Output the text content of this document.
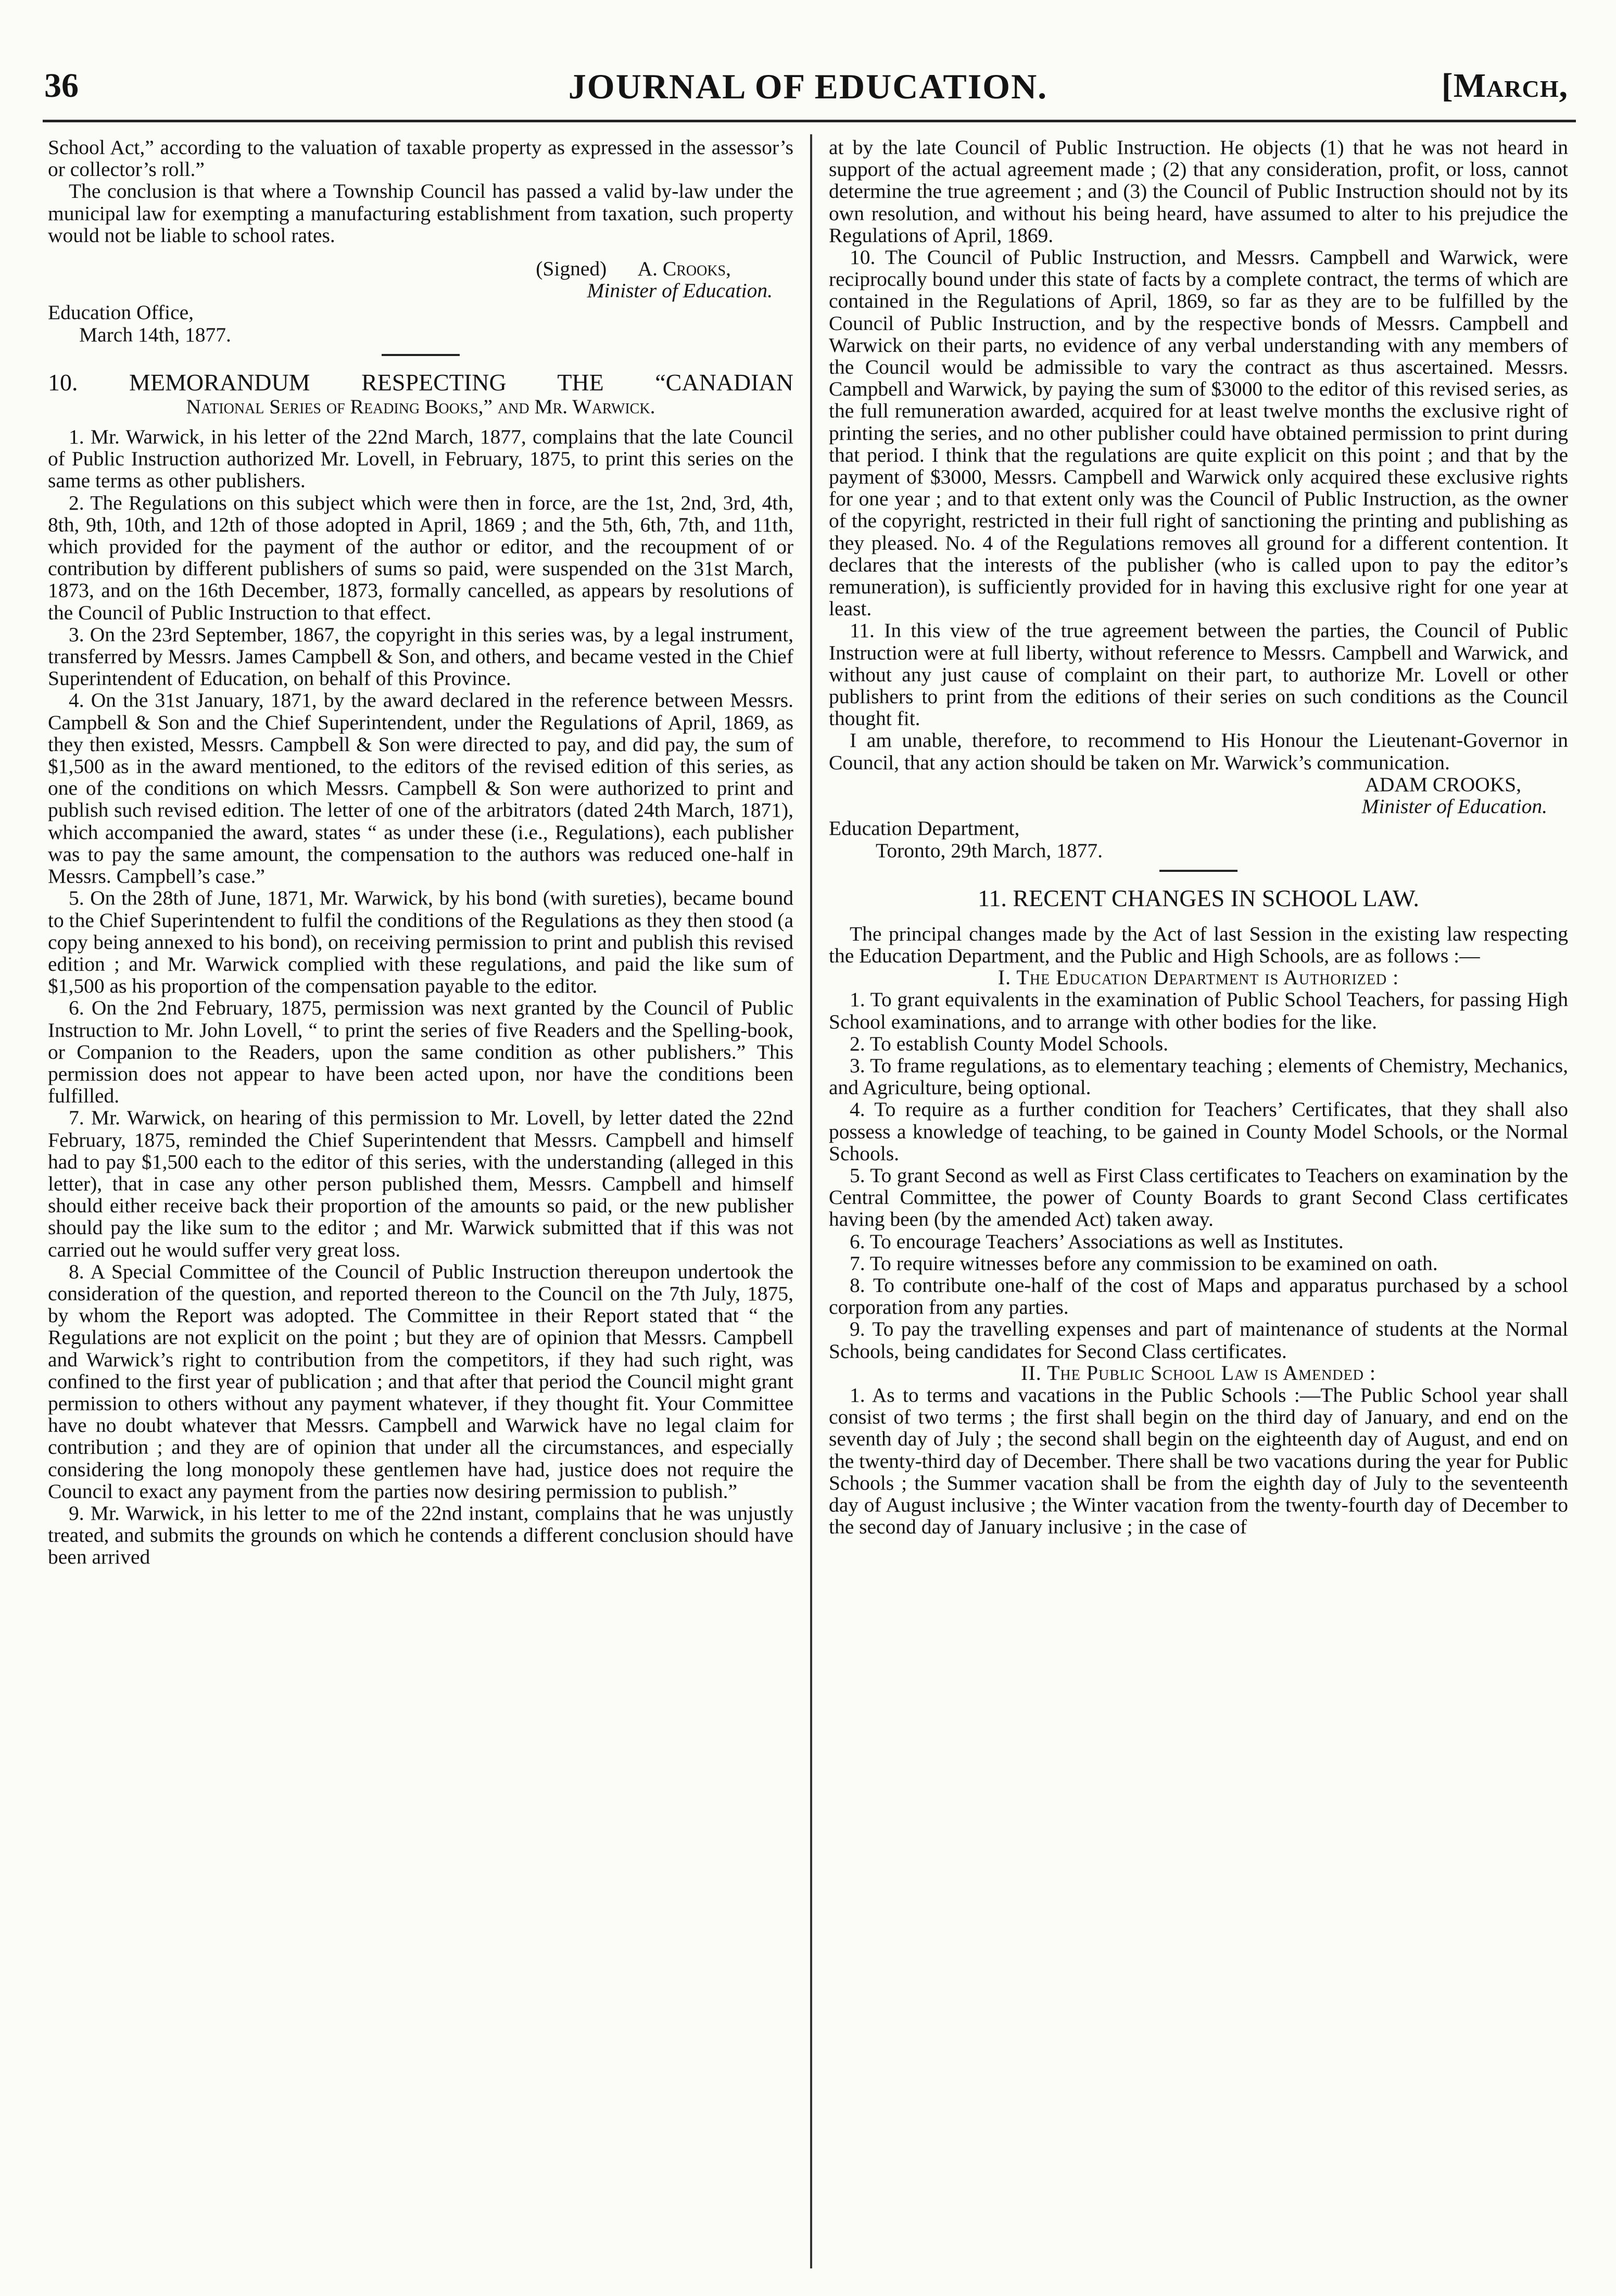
36	JOURNAL OF EDUCATION.	[March,

School Act,” according to the valuation of taxable property as expressed in the assessor’s or collector’s roll.”

The conclusion is that where a Township Council has passed a valid by-law under the municipal law for exempting a manufacturing establishment from taxation, such property would not be liable to school rates.

(Signed) A. Crooks,

Minister of Education.

Education Office,

March 14th, 1877.

10. MEMORANDUM RESPECTING THE “CANADIAN

National Series of Reading Books,” and Mr. Warwick.

1. Mr. Warwick, in his letter of the 22nd March, 1877, complains that the late Council of Public Instruction authorized Mr. Lovell, in February, 1875, to print this series on the same terms as other publishers.

2. The Regulations on this subject which were then in force, are the 1st, 2nd, 3rd, 4th, 8th, 9th, 10th, and 12th of those adopted in April, 1869 ; and the 5th, 6th, 7th, and 11th, which provided for the payment of the author or editor, and the recoupment of or contribution by different publishers of sums so paid, were suspended on the 31st March, 1873, and on the 16th December, 1873, formally cancelled, as appears by resolutions of the Council of Public Instruction to that effect.

3. On the 23rd September, 1867, the copyright in this series was, by a legal instrument, transferred by Messrs. James Campbell & Son, and others, and became vested in the Chief Superintendent of Education, on behalf of this Province.

4. On the 31st January, 1871, by the award declared in the reference between Messrs. Campbell & Son and the Chief Superintendent, under the Regulations of April, 1869, as they then existed, Messrs. Campbell & Son were directed to pay, and did pay, the sum of $1,500 as in the award mentioned, to the editors of the revised edition of this series, as one of the conditions on which Messrs. Campbell & Son were authorized to print and publish such revised edition. The letter of one of the arbitrators (dated 24th March, 1871), which accompanied the award, states “ as under these (i.e., Regulations), each publisher was to pay the same amount, the compensation to the authors was reduced one-half in Messrs. Campbell’s case.”

5. On the 28th of June, 1871, Mr. Warwick, by his bond (with sureties), became bound to the Chief Superintendent to fulfil the conditions of the Regulations as they then stood (a copy being annexed to his bond), on receiving permission to print and publish this revised edition ; and Mr. Warwick complied with these regulations, and paid the like sum of $1,500 as his proportion of the compensation payable to the editor.

6. On the 2nd February, 1875, permission was next granted by the Council of Public Instruction to Mr. John Lovell, “ to print the series of five Readers and the Spelling-book, or Companion to the Readers, upon the same condition as other publishers.” This permission does not appear to have been acted upon, nor have the conditions been fulfilled.

7. Mr. Warwick, on hearing of this permission to Mr. Lovell, by letter dated the 22nd February, 1875, reminded the Chief Superintendent that Messrs. Campbell and himself had to pay $1,500 each to the editor of this series, with the understanding (alleged in this letter), that in case any other person published them, Messrs. Campbell and himself should either receive back their proportion of the amounts so paid, or the new publisher should pay the like sum to the editor ; and Mr. Warwick submitted that if this was not carried out he would suffer very great loss.

8. A Special Committee of the Council of Public Instruction thereupon undertook the consideration of the question, and reported thereon to the Council on the 7th July, 1875, by whom the Report was adopted. The Committee in their Report stated that “ the Regulations are not explicit on the point ; but they are of opinion that Messrs. Campbell and Warwick’s right to contribution from the competitors, if they had such right, was confined to the first year of publication ; and that after that period the Council might grant permission to others without any payment whatever, if they thought fit. Your Committee have no doubt whatever that Messrs. Campbell and Warwick have no legal claim for contribution ; and they are of opinion that under all the circumstances, and especially considering the long monopoly these gentlemen have had, justice does not require the Council to exact any payment from the parties now desiring permission to publish.”

9. Mr. Warwick, in his letter to me of the 22nd instant, complains that he was unjustly treated, and submits the grounds on which he contends a different conclusion should have been arrived

at by the late Council of Public Instruction. He objects (1) that he was not heard in support of the actual agreement made ; (2) that any consideration, profit, or loss, cannot determine the true agreement ; and (3) the Council of Public Instruction should not by its own resolution, and without his being heard, have assumed to alter to his prejudice the Regulations of April, 1869.

10. The Council of Public Instruction, and Messrs. Campbell and Warwick, were reciprocally bound under this state of facts by a complete contract, the terms of which are contained in the Regulations of April, 1869, so far as they are to be fulfilled by the Council of Public Instruction, and by the respective bonds of Messrs. Campbell and Warwick on their parts, no evidence of any verbal understanding with any members of the Council would be admissible to vary the contract as thus ascertained. Messrs. Campbell and Warwick, by paying the sum of $3000 to the editor of this revised series, as the full remuneration awarded, acquired for at least twelve months the exclusive right of printing the series, and no other publisher could have obtained permission to print during that period. I think that the regulations are quite explicit on this point ; and that by the payment of $3000, Messrs. Campbell and Warwick only acquired these exclusive rights for one year ; and to that extent only was the Council of Public Instruction, as the owner of the copyright, restricted in their full right of sanctioning the printing and publishing as they pleased. No. 4 of the Regulations removes all ground for a different contention. It declares that the interests of the publisher (who is called upon to pay the editor’s remuneration), is sufficiently provided for in having this exclusive right for one year at least.

11. In this view of the true agreement between the parties, the Council of Public Instruction were at full liberty, without reference to Messrs. Campbell and Warwick, and without any just cause of complaint on their part, to authorize Mr. Lovell or other publishers to print from the editions of their series on such conditions as the Council thought fit.

I am unable, therefore, to recommend to His Honour the Lieutenant-Governor in Council, that any action should be taken on Mr. Warwick’s communication.

ADAM CROOKS,

Minister of Education.

Education Department,

Toronto, 29th March, 1877.

11. RECENT CHANGES IN SCHOOL LAW.

The principal changes made by the Act of last Session in the existing law respecting the Education Department, and the Public and High Schools, are as follows :—

I. The Education Department is Authorized :

1. To grant equivalents in the examination of Public School Teachers, for passing High School examinations, and to arrange with other bodies for the like.

2. To establish County Model Schools.

3. To frame regulations, as to elementary teaching ; elements of Chemistry, Mechanics, and Agriculture, being optional.

4. To require as a further condition for Teachers’ Certificates, that they shall also possess a knowledge of teaching, to be gained in County Model Schools, or the Normal Schools.

5. To grant Second as well as First Class certificates to Teachers on examination by the Central Committee, the power of County Boards to grant Second Class certificates having been (by the amended Act) taken away.

6. To encourage Teachers’ Associations as well as Institutes.

7. To require witnesses before any commission to be examined on oath.

8. To contribute one-half of the cost of Maps and apparatus purchased by a school corporation from any parties.

9. To pay the travelling expenses and part of maintenance of students at the Normal Schools, being candidates for Second Class certificates.

II. The Public School Law is Amended :

1. As to terms and vacations in the Public Schools :—The Public School year shall consist of two terms ; the first shall begin on the third day of January, and end on the seventh day of July ; the second shall begin on the eighteenth day of August, and end on the twenty-third day of December. There shall be two vacations during the year for Public Schools ; the Summer vacation shall be from the eighth day of July to the seventeenth day of August inclusive ; the Winter vacation from the twenty-fourth day of December to the second day of January inclusive ; in the case of
